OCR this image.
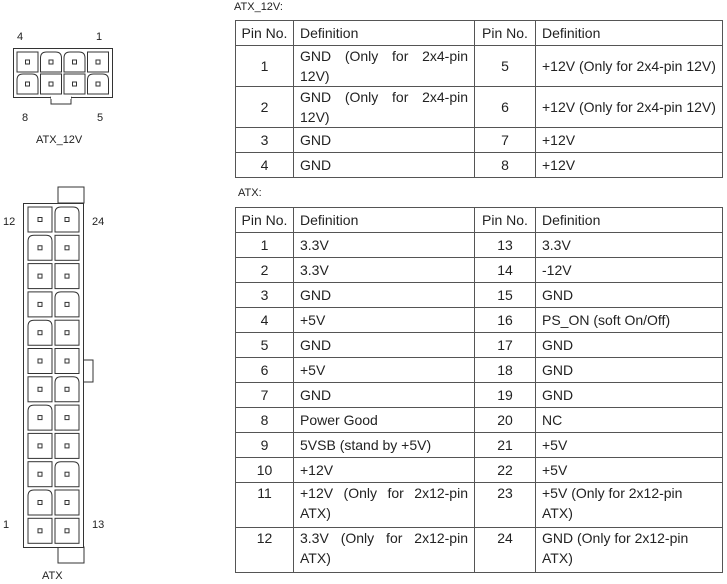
4	1
8	5
ATX_12V
ATX_12V:
Pin No.	Definition	Pin No.	Definition
1	GND (Only for 2x4-pin 12V)	5	+12V (Only for 2x4-pin 12V)
2	GND (Only for 2x4-pin 12V)	6	+12V (Only for 2x4-pin 12V)
3	GND	7	+12V
4	GND	8	+12V
12	24
1	13
ATX
ATX:
Pin No.	Definition	Pin No.	Definition
1	3.3V	13	3.3V
2	3.3V	14	-12V
3	GND	15	GND
4	+5V	16	PS_ON (soft On/Off)
5	GND	17	GND
6	+5V	18	GND
7	GND	19	GND
8	Power Good	20	NC
9	5VSB (stand by +5V)	21	+5V
10	+12V	22	+5V
11	+12V (Only for 2x12-pin ATX)	23	+5V (Only for 2x12-pin ATX)
12	3.3V (Only for 2x12-pin ATX)	24	GND (Only for 2x12-pin ATX)
